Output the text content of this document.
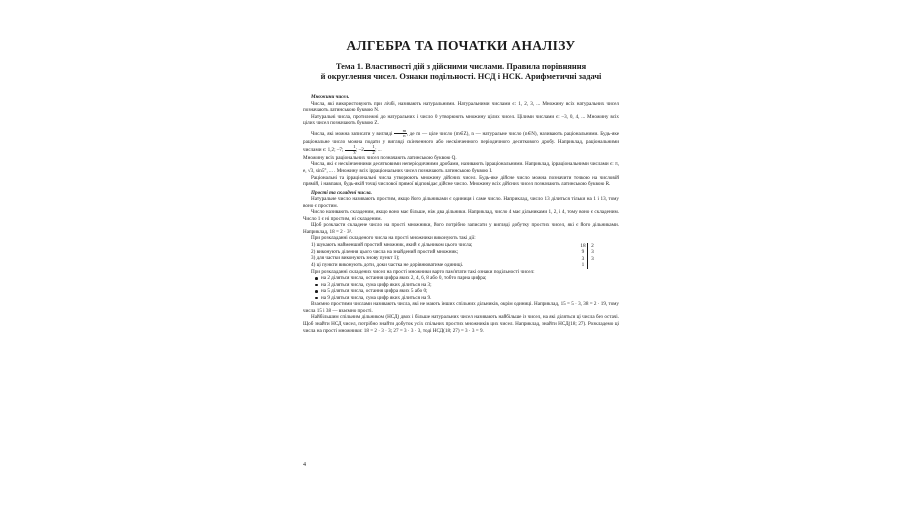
АЛГЕБРА ТА ПОЧАТКИ АНАЛІЗУ
Тема 1. Властивості дій з дійсними числами. Правила порівняння
й округлення чисел. Ознаки подільності. НСД і НСК. Арифметичні задачі

Множини чисел.

Числа, які використовують при лічбі, називають натуральними. Натуральними числами є: 1, 2, 3, ... Множину всіх натуральних чисел позначають латинською буквою N.

Натуральні числа, протилежні до натуральних і число 0 утворюють множину цілих чисел. Цілими числами є: –3, 0, 4, ... Множину всіх цілих чисел позначають буквою Z.

Числа, які можна записати у вигляді $\frac{m}{n}$ , де m — ціле число (m∈Z), n — натуральне число (n∈N), називають раціональними. Будь-яке раціональне число можна подати у вигляді скінченного або нескінченного періодичного десяткового дробу. Наприклад, раціональними числами є: 1,2; –7; $\frac{1}{3}$ ; $-2 \frac{1}{2}$ ; ...

Множину всіх раціональних чисел позначають латинською буквою Q.

Числа, які є нескінченними десятковими неперіодичними дробами, називають ірраціональними. Наприклад, ірраціональними числами є: π, e, √3, sin5°, ... . Множину всіх ірраціональних чисел позначають латинською буквою I.

Раціональні та ірраціональні числа утворюють множину дійсних чисел. Будь-яке дійсне число можна позначити точкою на числовій прямій, і навпаки, будь-якій точці числової прямої відповідає дійсне число. Множину всіх дійсних чисел позначають латинською буквою R.

Прості та складені числа.

Натуральне число називають простим, якщо його дільниками є одиниця і саме число. Наприклад, число 13 ділиться тільки на 1 і 13, тому воно є простим.

Число називають складеним, якщо воно має більше, ніж два дільники. Наприклад, число 4 має дільниками 1, 2, і 4, тому воно є складеним. Число 1 є ні простим, ні складеним.

Щоб розкласти складене число на прості множники, його потрібно записати у вигляді добутку простих чисел, які є його дільниками. Наприклад, 18 = 2 · 3².

При розкладанні складеного числа на прості множники виконують такі дії:

1) шукають найменший простий множник, який є дільником цього числа;
2) виконують ділення цього числа на знайдений простий множник;
3) для частки виконують знову пункт 1);
4) ці пункти виконують доти, доки частка не дорівнюватиме одиниці.
18	2
9	3
3	3
1

При розкладанні складених чисел на прості множники варто пам'ятати такі ознаки подільності чисел:

на 2 діляться числа, остання цифра яких 2, 4, 6, 8 або 0, тобто парна цифра;
на 3 діляться числа, сума цифр яких ділиться на 3;
на 5 діляться числа, остання цифра яких 5 або 0;
на 9 діляться числа, сума цифр яких ділиться на 9.

Взаємно простими числами називають числа, які не мають інших спільних дільників, окрім одиниці. Наприклад, 15 = 5 · 3, 38 = 2 · 19, тому числа 15 і 38 — взаємно прості.

Найбільшим спільним дільником (НСД) двох і більше натуральних чисел називають найбільше із чисел, на які діляться ці числа без остачі. Щоб знайти НСД чисел, потрібно знайти добуток усіх спільних простих множників цих чисел. Наприклад, знайти НСД(18; 27). Розкладемо ці числа на прості множники: 18 = 2 · 3 · 3; 27 = 3 · 3 · 3, тоді НСД(18; 27) = 3 · 3 = 9.

4
